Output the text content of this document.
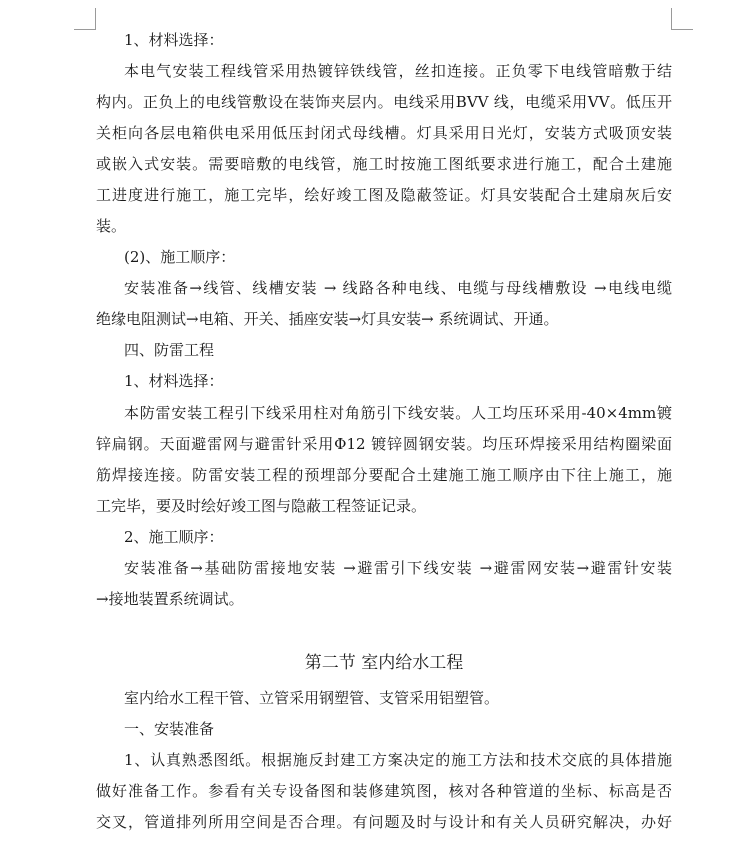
1、材料选择：
本电气安装工程线管采用热镀锌铁线管，丝扣连接。正负零下电线管暗敷于结
构内。正负上的电线管敷设在装饰夹层内。电线采用BVV 线，电缆采用VV。低压开
关柜向各层电箱供电采用低压封闭式母线槽。灯具采用日光灯，安装方式吸顶安装
或嵌入式安装。需要暗敷的电线管，施工时按施工图纸要求进行施工，配合土建施
工进度进行施工，施工完毕，绘好竣工图及隐蔽签证。灯具安装配合土建扇灰后安
装。
(2)、施工顺序：
安装准备→线管、线槽安装 → 线路各种电线、电缆与母线槽敷设 →电线电缆
绝缘电阻测试→电箱、开关、插座安装→灯具安装→ 系统调试、开通。
四、防雷工程
1、材料选择：
本防雷安装工程引下线采用柱对角筋引下线安装。人工均压环采用-40×4mm镀
锌扁钢。天面避雷网与避雷针采用Φ12 镀锌圆钢安装。均压环焊接采用结构圈梁面
筋焊接连接。防雷安装工程的预埋部分要配合土建施工施工顺序由下往上施工，施
工完毕，要及时绘好竣工图与隐蔽工程签证记录。
2、施工顺序：
安装准备→基础防雷接地安装 →避雷引下线安装 →避雷网安装→避雷针安装
→接地装置系统调试。
第二节 室内给水工程
室内给水工程干管、立管采用钢塑管、支管采用铝塑管。
一、安装准备
1、认真熟悉图纸。根据施反封建工方案决定的施工方法和技术交底的具体措施
做好准备工作。参看有关专设备图和装修建筑图，核对各种管道的坐标、标高是否
交叉，管道排列所用空间是否合理。有问题及时与设计和有关人员研究解决，办好
